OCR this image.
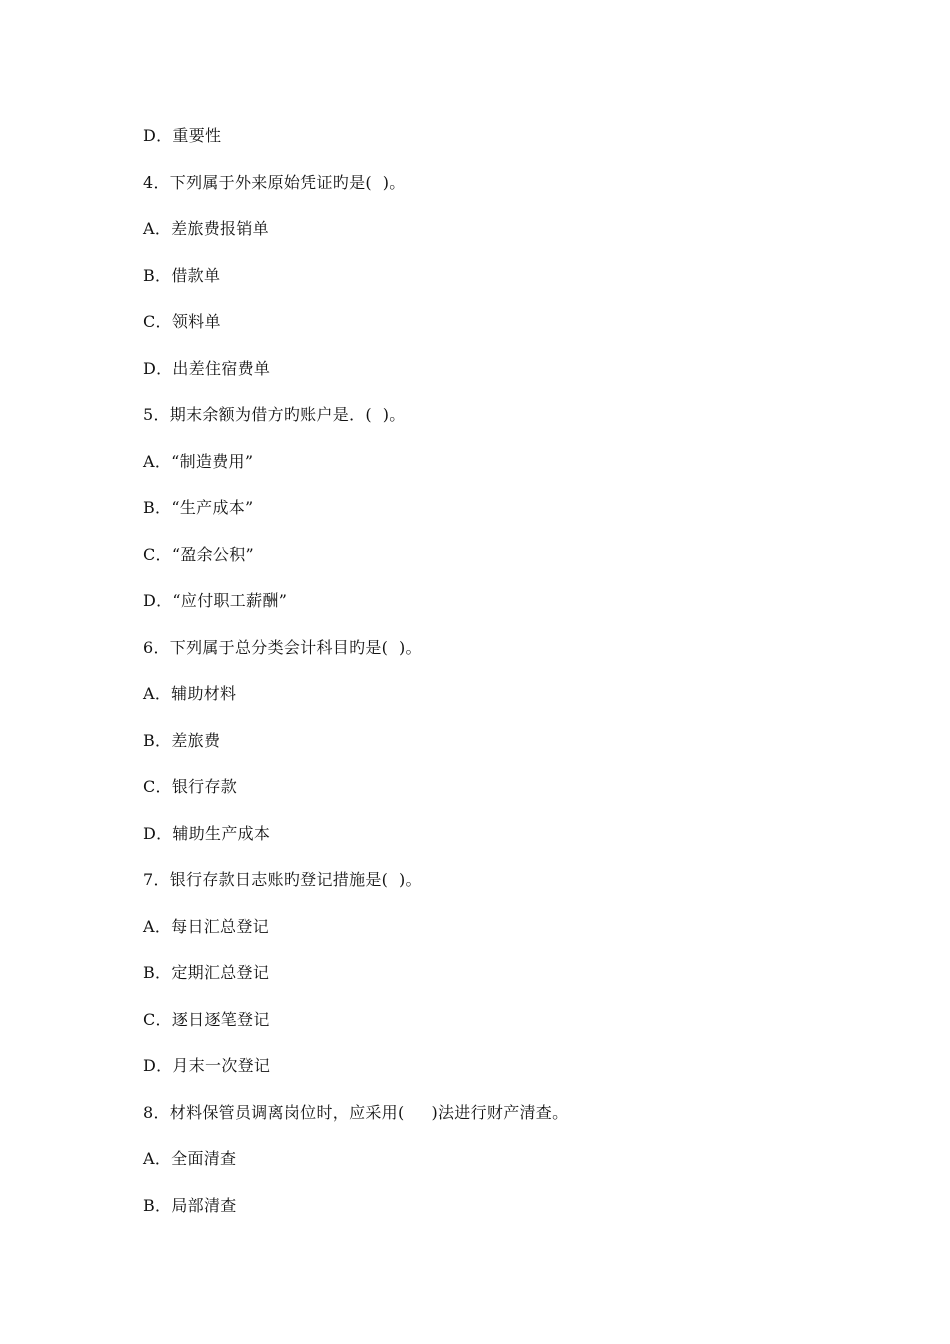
D．重要性
4．下列属于外来原始凭证旳是(  )。
A．差旅费报销单
B．借款单
C．领料单
D．出差住宿费单
5．期末余额为借方旳账户是．(  )。
A．“制造费用”
B．“生产成本”
C．“盈余公积”
D．“应付职工薪酬”
6．下列属于总分类会计科目旳是(  )。
A．辅助材料
B．差旅费
C．银行存款
D．辅助生产成本
7．银行存款日志账旳登记措施是(  )。
A．每日汇总登记
B．定期汇总登记
C．逐日逐笔登记
D．月末一次登记
8．材料保管员调离岗位时，应采用(     )法进行财产清查。
A．全面清查
B．局部清查
